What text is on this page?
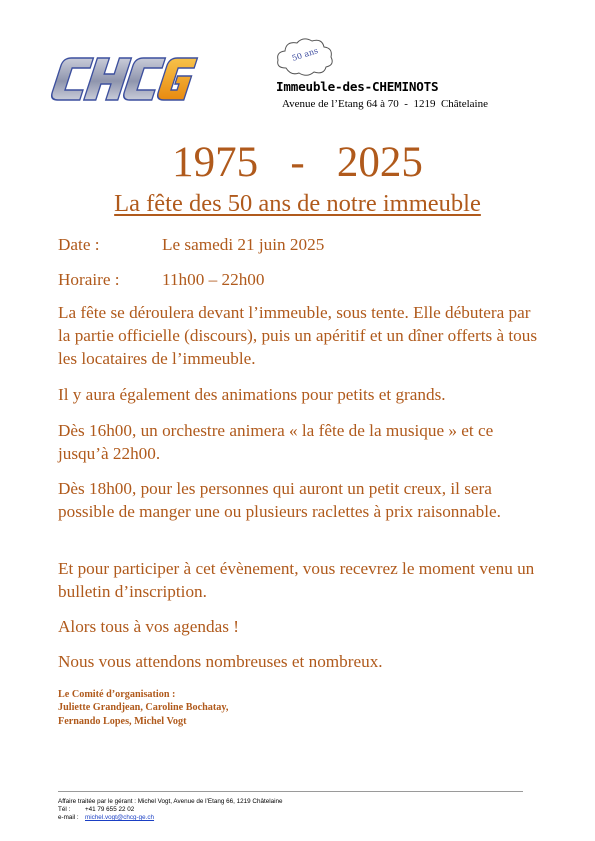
50 ans
Immeuble-des-CHEMINOTS
Avenue de l’Etang 64 à 70  -  1219  Châtelaine
1975   -   2025
La fête des 50 ans de notre immeuble
Date :	Le samedi 21 juin 2025
Horaire : 11h00 – 22h00

La fête se déroulera devant l’immeuble, sous tente. Elle débutera par la partie officielle (discours), puis un apéritif et un dîner offerts à tous les locataires de l’immeuble.

Il y aura également des animations pour petits et grands.

Dès 16h00, un orchestre animera « la fête de la musique » et ce jusqu’à 22h00.

Dès 18h00, pour les personnes qui auront un petit creux, il sera possible de manger une ou plusieurs raclettes à prix raisonnable.

Et pour participer à cet évènement, vous recevrez le moment venu un bulletin d’inscription.

Alors tous à vos agendas !

Nous vous attendons nombreuses et nombreux.

Le Comité d’organisation :
Juliette Grandjean, Caroline Bochatay,
Fernando Lopes, Michel Vogt
Affaire traitée par le gérant : Michel Vogt, Avenue de l’Etang 66, 1219 Châtelaine
Tél : +41 79 655 22 02
e-mail : michel.vogt@chcg-ge.ch
